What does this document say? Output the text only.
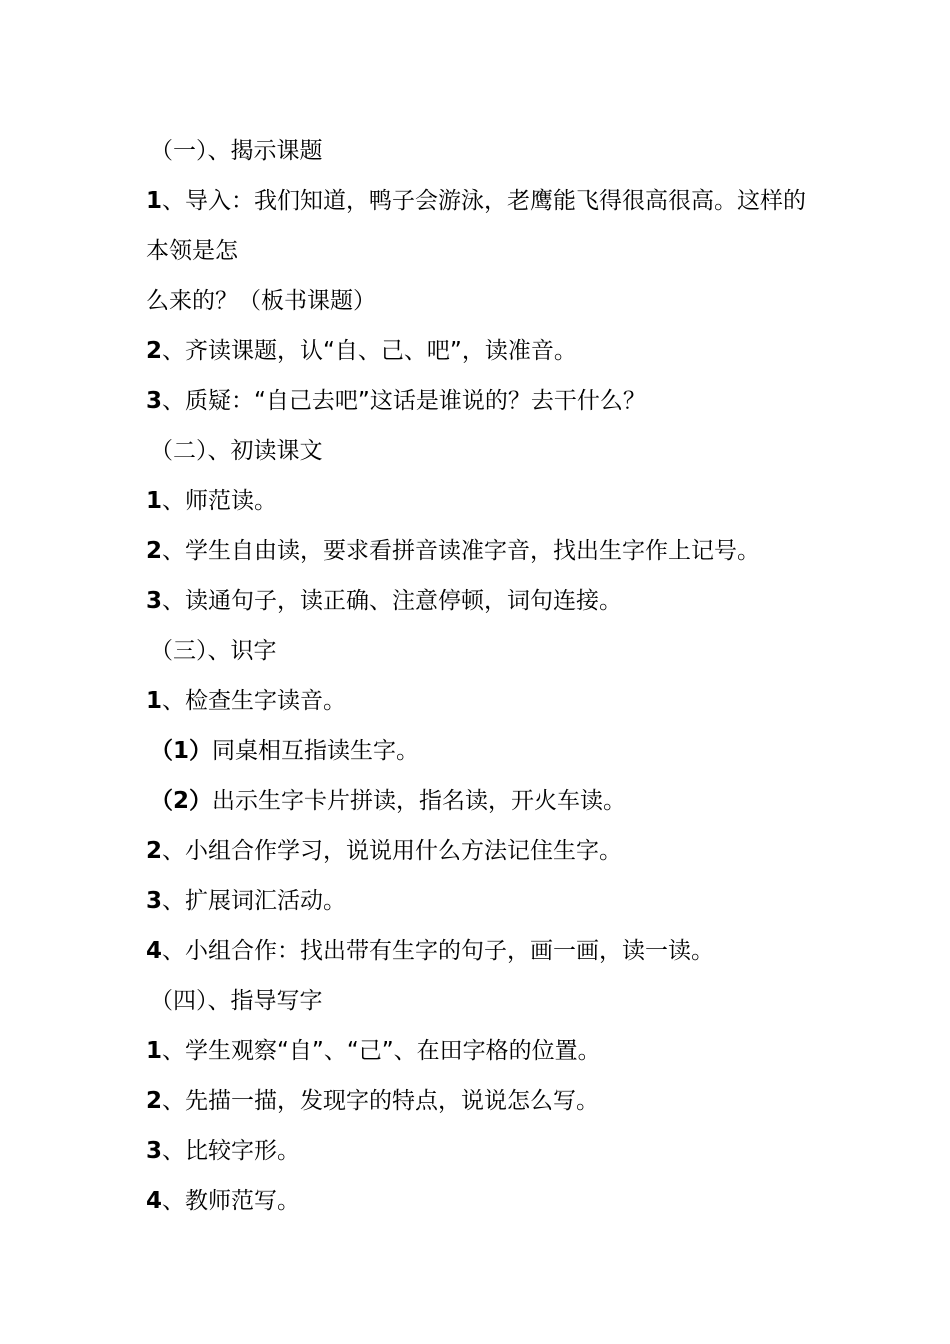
（一）、揭示课题

1、导入：我们知道，鸭子会游泳，老鹰能飞得很高很高。这样的本领是怎

么来的？（板书课题）

2、齐读课题，认“自、己、吧”，读准音。

3、质疑：“自己去吧”这话是谁说的？去干什么？

（二）、初读课文

1、师范读。

2、学生自由读，要求看拼音读准字音，找出生字作上记号。

3、读通句子，读正确、注意停顿，词句连接。

（三）、识字

1、检查生字读音。

（1）同桌相互指读生字。

（2）出示生字卡片拼读，指名读，开火车读。

2、小组合作学习，说说用什么方法记住生字。

3、扩展词汇活动。

4、小组合作：找出带有生字的句子，画一画，读一读。

（四）、指导写字

1、学生观察“自”、“己”、在田字格的位置。

2、先描一描，发现字的特点，说说怎么写。

3、比较字形。

4、教师范写。
